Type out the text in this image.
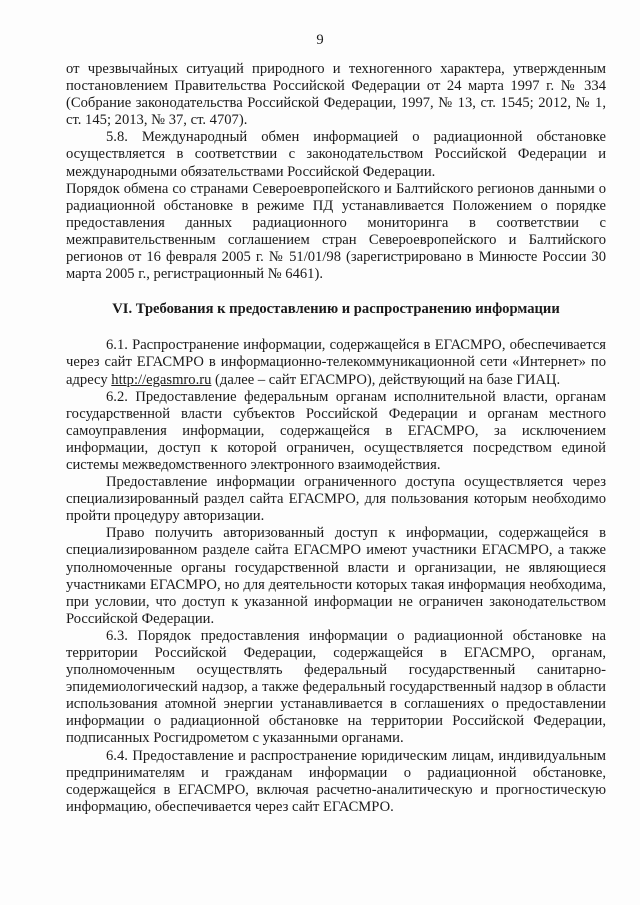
9

от чрезвычайных ситуаций природного и техногенного характера, утвержденным постановлением Правительства Российской Федерации от 24 марта 1997 г. № 334 (Собрание законодательства Российской Федерации, 1997, № 13, ст. 1545; 2012, № 1, ст. 145; 2013, № 37, ст. 4707).

5.8. Международный обмен информацией о радиационной обстановке осуществляется в соответствии с законодательством Российской Федерации и международными обязательствами Российской Федерации.

Порядок обмена со странами Североевропейского и Балтийского регионов данными о радиационной обстановке в режиме ПД устанавливается Положением о порядке предоставления данных радиационного мониторинга в соответствии с межправительственным соглашением стран Североевропейского и Балтийского регионов от 16 февраля 2005 г. № 51/01/98 (зарегистрировано в Минюсте России 30 марта 2005 г., регистрационный № 6461).

VI. Требования к предоставлению и распространению информации

6.1. Распространение информации, содержащейся в ЕГАСМРО, обеспечивается через сайт ЕГАСМРО в информационно-телекоммуникационной сети «Интернет» по адресу http://egasmro.ru (далее – сайт ЕГАСМРО), действующий на базе ГИАЦ.

6.2. Предоставление федеральным органам исполнительной власти, органам государственной власти субъектов Российской Федерации и органам местного самоуправления информации, содержащейся в ЕГАСМРО, за исключением информации, доступ к которой ограничен, осуществляется посредством единой системы межведомственного электронного взаимодействия.

Предоставление информации ограниченного доступа осуществляется через специализированный раздел сайта ЕГАСМРО, для пользования которым необходимо пройти процедуру авторизации.

Право получить авторизованный доступ к информации, содержащейся в специализированном разделе сайта ЕГАСМРО имеют участники ЕГАСМРО, а также уполномоченные органы государственной власти и организации, не являющиеся участниками ЕГАСМРО, но для деятельности которых такая информация необходима, при условии, что доступ к указанной информации не ограничен законодательством Российской Федерации.

6.3. Порядок предоставления информации о радиационной обстановке на территории Российской Федерации, содержащейся в ЕГАСМРО, органам, уполномоченным осуществлять федеральный государственный санитарно-эпидемиологический надзор, а также федеральный государственный надзор в области использования атомной энергии устанавливается в соглашениях о предоставлении информации о радиационной обстановке на территории Российской Федерации, подписанных Росгидрометом с указанными органами.

6.4. Предоставление и распространение юридическим лицам, индивидуальным предпринимателям и гражданам информации о радиационной обстановке, содержащейся в ЕГАСМРО, включая расчетно-аналитическую и прогностическую информацию, обеспечивается через сайт ЕГАСМРО.
